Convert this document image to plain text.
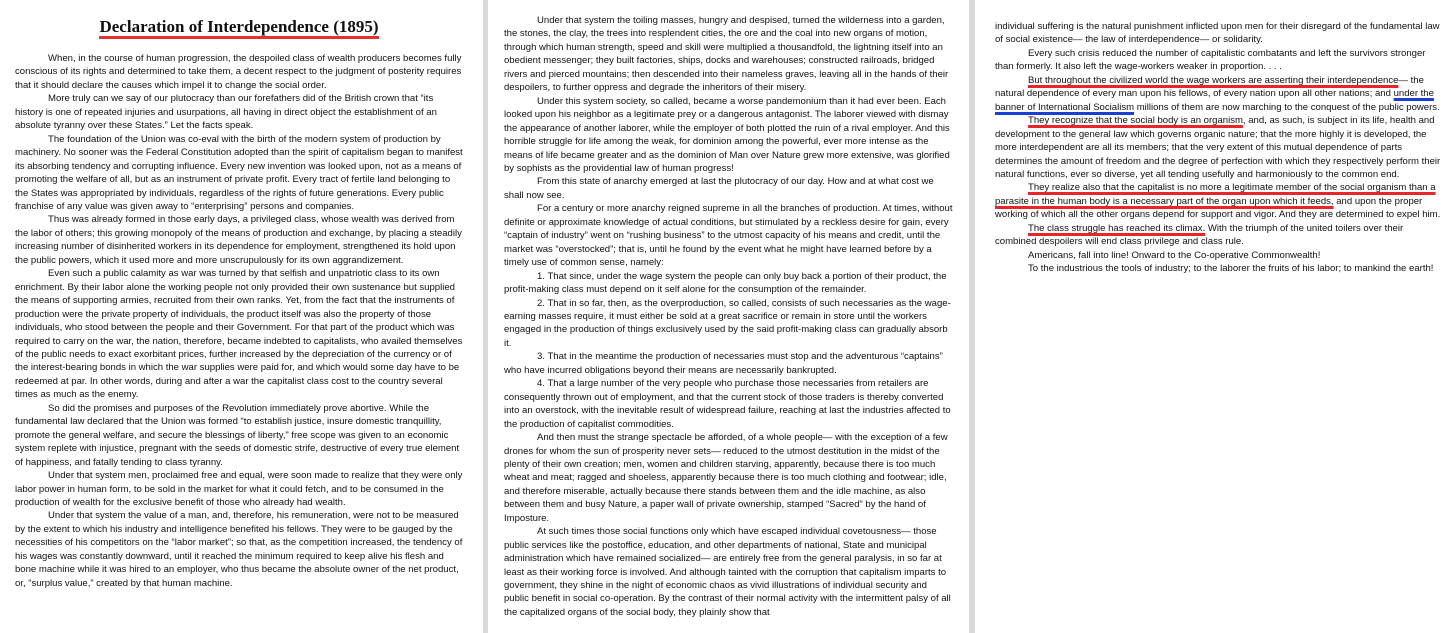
Declaration of Interdependence (1895)

When, in the course of human progression, the despoiled class of wealth producers becomes fully conscious of its rights and determined to take them, a decent respect to the judgment of posterity requires that it should declare the causes which impel it to change the social order.

More truly can we say of our plutocracy than our forefathers did of the British crown that “its history is one of repeated injuries and usurpations, all having in direct object the establishment of an absolute tyranny over these States.” Let the facts speak.

The foundation of the Union was co-eval with the birth of the modern system of production by machinery. No sooner was the Federal Constitution adopted than the spirit of capitalism began to manifest its absorbing tendency and corrupting influence. Every new invention was looked upon, not as a means of promoting the welfare of all, but as an instrument of private profit. Every tract of fertile land belonging to the States was appropriated by individuals, regardless of the rights of future generations. Every public franchise of any value was given away to “enterprising” persons and companies.

Thus was already formed in those early days, a privileged class, whose wealth was derived from the labor of others; this growing monopoly of the means of production and exchange, by placing a steadily increasing number of disinherited workers in its dependence for employment, strengthened its hold upon the public powers, which it used more and more unscrupulously for its own aggrandizement.

Even such a public calamity as war was turned by that selfish and unpatriotic class to its own enrichment. By their labor alone the working people not only provided their own sustenance but supplied the means of supporting armies, recruited from their own ranks. Yet, from the fact that the instruments of production were the private property of individuals, the product itself was also the property of those individuals, who stood between the people and their Government. For that part of the product which was required to carry on the war, the nation, therefore, became indebted to capitalists, who availed themselves of the public needs to exact exorbitant prices, further increased by the depreciation of the currency or of the interest-bearing bonds in which the war supplies were paid for, and which would some day have to be redeemed at par. In other words, during and after a war the capitalist class cost to the country several times as much as the enemy.

So did the promises and purposes of the Revolution immediately prove abortive. While the fundamental law declared that the Union was formed “to establish justice, insure domestic tranquillity, promote the general welfare, and secure the blessings of liberty,” free scope was given to an economic system replete with injustice, pregnant with the seeds of domestic strife, destructive of every true element of happiness, and fatally tending to class tyranny.

Under that system men, proclaimed free and equal, were soon made to realize that they were only labor power in human form, to be sold in the market for what it could fetch, and to be consumed in the production of wealth for the exclusive benefit of those who already had wealth.

Under that system the value of a man, and, therefore, his remuneration, were not to be measured by the extent to which his industry and intelligence benefited his fellows. They were to be gauged by the necessities of his competitors on the “labor market”; so that, as the competition increased, the tendency of his wages was constantly downward, until it reached the minimum required to keep alive his flesh and bone machine while it was hired to an employer, who thus became the absolute owner of the net product, or, “surplus value,” created by that human machine.

Under that system the toiling masses, hungry and despised, turned the wilderness into a garden, the stones, the clay, the trees into resplendent cities, the ore and the coal into new organs of motion, through which human strength, speed and skill were multiplied a thousandfold, the lightning itself into an obedient messenger; they built factories, ships, docks and warehouses; constructed railroads, bridged rivers and pierced mountains; then descended into their nameless graves, leaving all in the hands of their despoilers, to further oppress and degrade the inheritors of their misery.

Under this system society, so called, became a worse pandemonium than it had ever been. Each looked upon his neighbor as a legitimate prey or a dangerous antagonist. The laborer viewed with dismay the appearance of another laborer, while the employer of both plotted the ruin of a rival employer. And this horrible struggle for life among the weak, for dominion among the powerful, ever more intense as the means of life became greater and as the dominion of Man over Nature grew more extensive, was glorified by sophists as the providential law of human progress!

From this state of anarchy emerged at last the plutocracy of our day. How and at what cost we shall now see.

For a century or more anarchy reigned supreme in all the branches of production. At times, without definite or approximate knowledge of actual conditions, but stimulated by a reckless desire for gain, every “captain of industry” went on “rushing business” to the utmost capacity of his means and credit, until the market was “overstocked”; that is, until he found by the event what he might have learned before by a timely use of common sense, namely:

1. That since, under the wage system the people can only buy back a portion of their product, the profit-making class must depend on it self alone for the consumption of the remainder.

2. That in so far, then, as the overproduction, so called, consists of such necessaries as the wage-earning masses require, it must either be sold at a great sacrifice or remain in store until the workers engaged in the production of things exclusively used by the said profit-making class can gradually absorb it.

3. That in the meantime the production of necessaries must stop and the adventurous “captains” who have incurred obligations beyond their means are necessarily bankrupted.

4. That a large number of the very people who purchase those necessaries from retailers are consequently thrown out of employment, and that the current stock of those traders is thereby converted into an overstock, with the inevitable result of widespread failure, reaching at last the industries affected to the production of capitalist commodities.

And then must the strange spectacle be afforded, of a whole people— with the exception of a few drones for whom the sun of prosperity never sets— reduced to the utmost destitution in the midst of the plenty of their own creation; men, women and children starving, apparently, because there is too much wheat and meat; ragged and shoeless, apparently because there is too much clothing and footwear; idle, and therefore miserable, actually because there stands between them and the idle machine, as also between them and busy Nature, a paper wall of private ownership, stamped “Sacred” by the hand of Imposture.

At such times those social functions only which have escaped individual covetousness— those public services like the postoffice, education, and other departments of national, State and municipal administration which have remained socialized— are entirely free from the general paralysis, in so far at least as their working force is involved. And although tainted with the corruption that capitalism imparts to government, they shine in the night of economic chaos as vivid illustrations of individual security and public benefit in social co-operation. By the contrast of their normal activity with the intermittent palsy of all the capitalized organs of the social body, they plainly show that

individual suffering is the natural punishment inflicted upon men for their disregard of the fundamental law of social existence— the law of interdependence— or solidarity.

Every such crisis reduced the number of capitalistic combatants and left the survivors stronger than formerly. It also left the wage-workers weaker in proportion. . . .

But throughout the civilized world the wage workers are asserting their interdependence— the natural dependence of every man upon his fellows, of every nation upon all other nations; and under the banner of International Socialism millions of them are now marching to the conquest of the public powers.

They recognize that the social body is an organism, and, as such, is subject in its life, health and development to the general law which governs organic nature; that the more highly it is developed, the more interdependent are all its members; that the very extent of this mutual dependence of parts determines the amount of freedom and the degree of perfection with which they respectively perform their natural functions, ever so diverse, yet all tending usefully and harmoniously to the common end.

They realize also that the capitalist is no more a legitimate member of the social organism than a parasite in the human body is a necessary part of the organ upon which it feeds, and upon the proper working of which all the other organs depend for support and vigor. And they are determined to expel him.

The class struggle has reached its climax. With the triumph of the united toilers over their combined despoilers will end class privilege and class rule.

Americans, fall into line! Onward to the Co-operative Commonwealth!

To the industrious the tools of industry; to the laborer the fruits of his labor; to mankind the earth!
